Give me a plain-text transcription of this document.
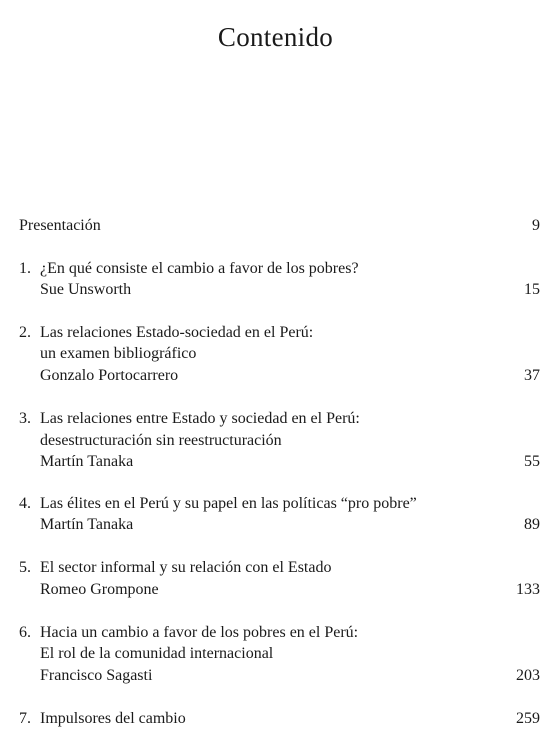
Contenido
Presentación	9
1. ¿En qué consiste el cambio a favor de los pobres?
Sue Unsworth	15
2. Las relaciones Estado-sociedad en el Perú:
un examen bibliográfico
Gonzalo Portocarrero	37
3. Las relaciones entre Estado y sociedad en el Perú:
desestructuración sin reestructuración
Martín Tanaka	55
4. Las élites en el Perú y su papel en las políticas “pro pobre”
Martín Tanaka	89
5. El sector informal y su relación con el Estado
Romeo Grompone	133
6. Hacia un cambio a favor de los pobres en el Perú:
El rol de la comunidad internacional
Francisco Sagasti	203
7. Impulsores del cambio	259
